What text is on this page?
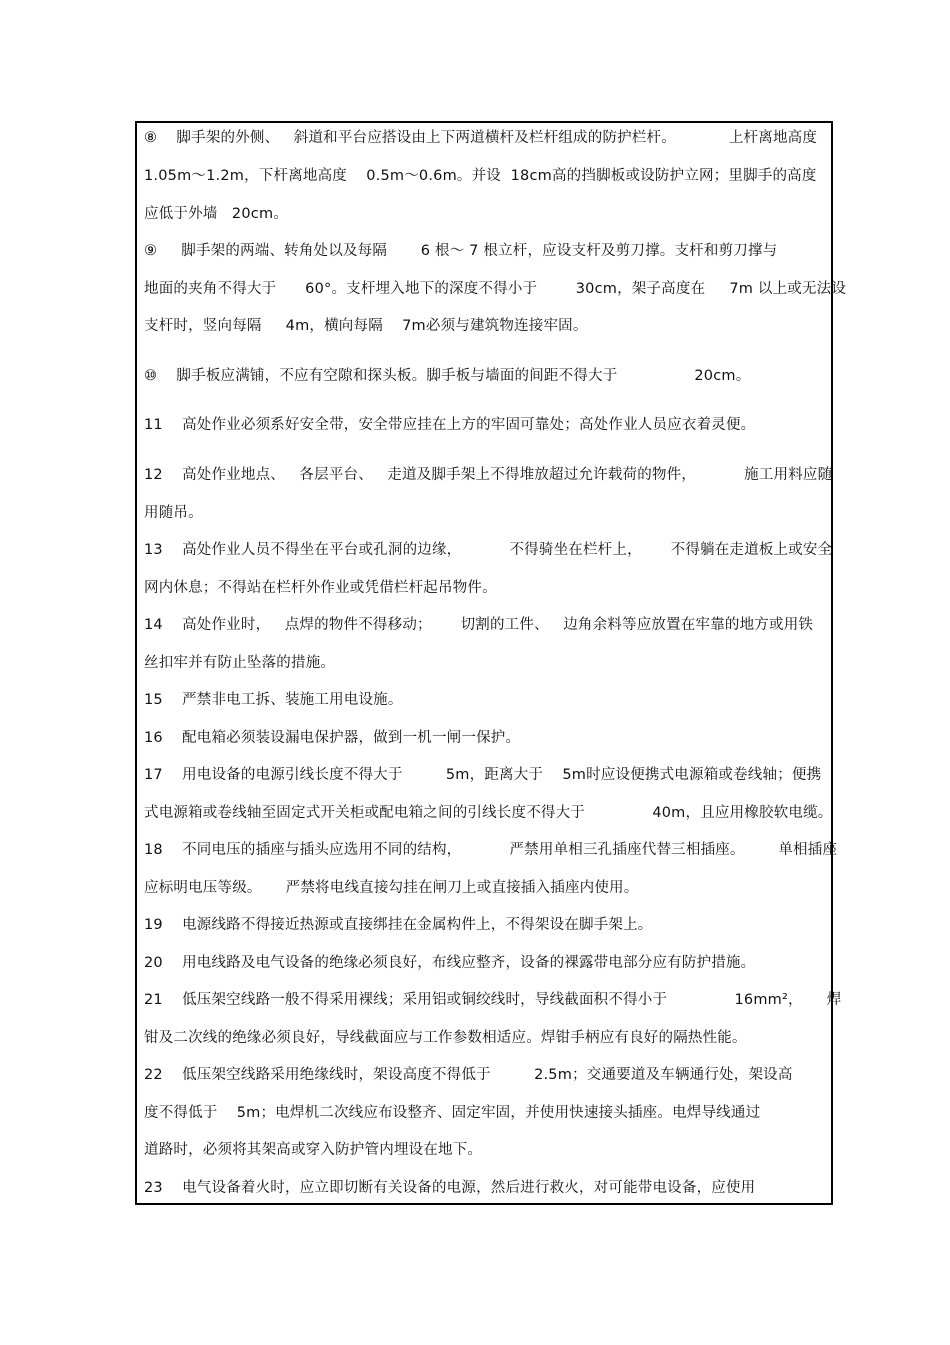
⑧    脚手架的外侧、   斜道和平台应搭设由上下两道横杆及栏杆组成的防护栏杆。           上杆离地高度
1.05m～1.2m，下杆离地高度    0.5m～0.6m。并设  18cm高的挡脚板或设防护立网；里脚手的高度
应低于外墙   20cm。
⑨     脚手架的两端、转角处以及每隔       6 根～ 7 根立杆，应设支杆及剪刀撑。支杆和剪刀撑与
地面的夹角不得大于      60°。支杆埋入地下的深度不得小于        30cm，架子高度在     7m 以上或无法设
支杆时，竖向每隔     4m，横向每隔    7m必须与建筑物连接牢固。
⑩    脚手板应满铺，不应有空隙和探头板。脚手板与墙面的间距不得大于                20cm。
11    高处作业必须系好安全带，安全带应挂在上方的牢固可靠处；高处作业人员应衣着灵便。
12    高处作业地点、   各层平台、   走道及脚手架上不得堆放超过允许载荷的物件，          施工用料应随
用随吊。
13    高处作业人员不得坐在平台或孔洞的边缘，          不得骑坐在栏杆上，      不得躺在走道板上或安全
网内休息；不得站在栏杆外作业或凭借栏杆起吊物件。
14    高处作业时，   点焊的物件不得移动；      切割的工件、   边角余料等应放置在牢靠的地方或用铁
丝扣牢并有防止坠落的措施。
15    严禁非电工拆、装施工用电设施。
16    配电箱必须装设漏电保护器，做到一机一闸一保护。
17    用电设备的电源引线长度不得大于         5m，距离大于    5m时应设便携式电源箱或卷线轴；便携
式电源箱或卷线轴至固定式开关柜或配电箱之间的引线长度不得大于              40m，且应用橡胶软电缆。
18    不同电压的插座与插头应选用不同的结构，          严禁用单相三孔插座代替三相插座。       单相插座
应标明电压等级。     严禁将电线直接勾挂在闸刀上或直接插入插座内使用。
19    电源线路不得接近热源或直接绑挂在金属构件上，不得架设在脚手架上。
20    用电线路及电气设备的绝缘必须良好，布线应整齐，设备的裸露带电部分应有防护措施。
21    低压架空线路一般不得采用裸线；采用铝或铜绞线时，导线截面积不得小于              16mm²，     焊
钳及二次线的绝缘必须良好，导线截面应与工作参数相适应。焊钳手柄应有良好的隔热性能。
22    低压架空线路采用绝缘线时，架设高度不得低于         2.5m；交通要道及车辆通行处，架设高
度不得低于    5m；电焊机二次线应布设整齐、固定牢固，并使用快速接头插座。电焊导线通过
道路时，必须将其架高或穿入防护管内埋设在地下。
23    电气设备着火时，应立即切断有关设备的电源，然后进行救火，对可能带电设备，应使用
